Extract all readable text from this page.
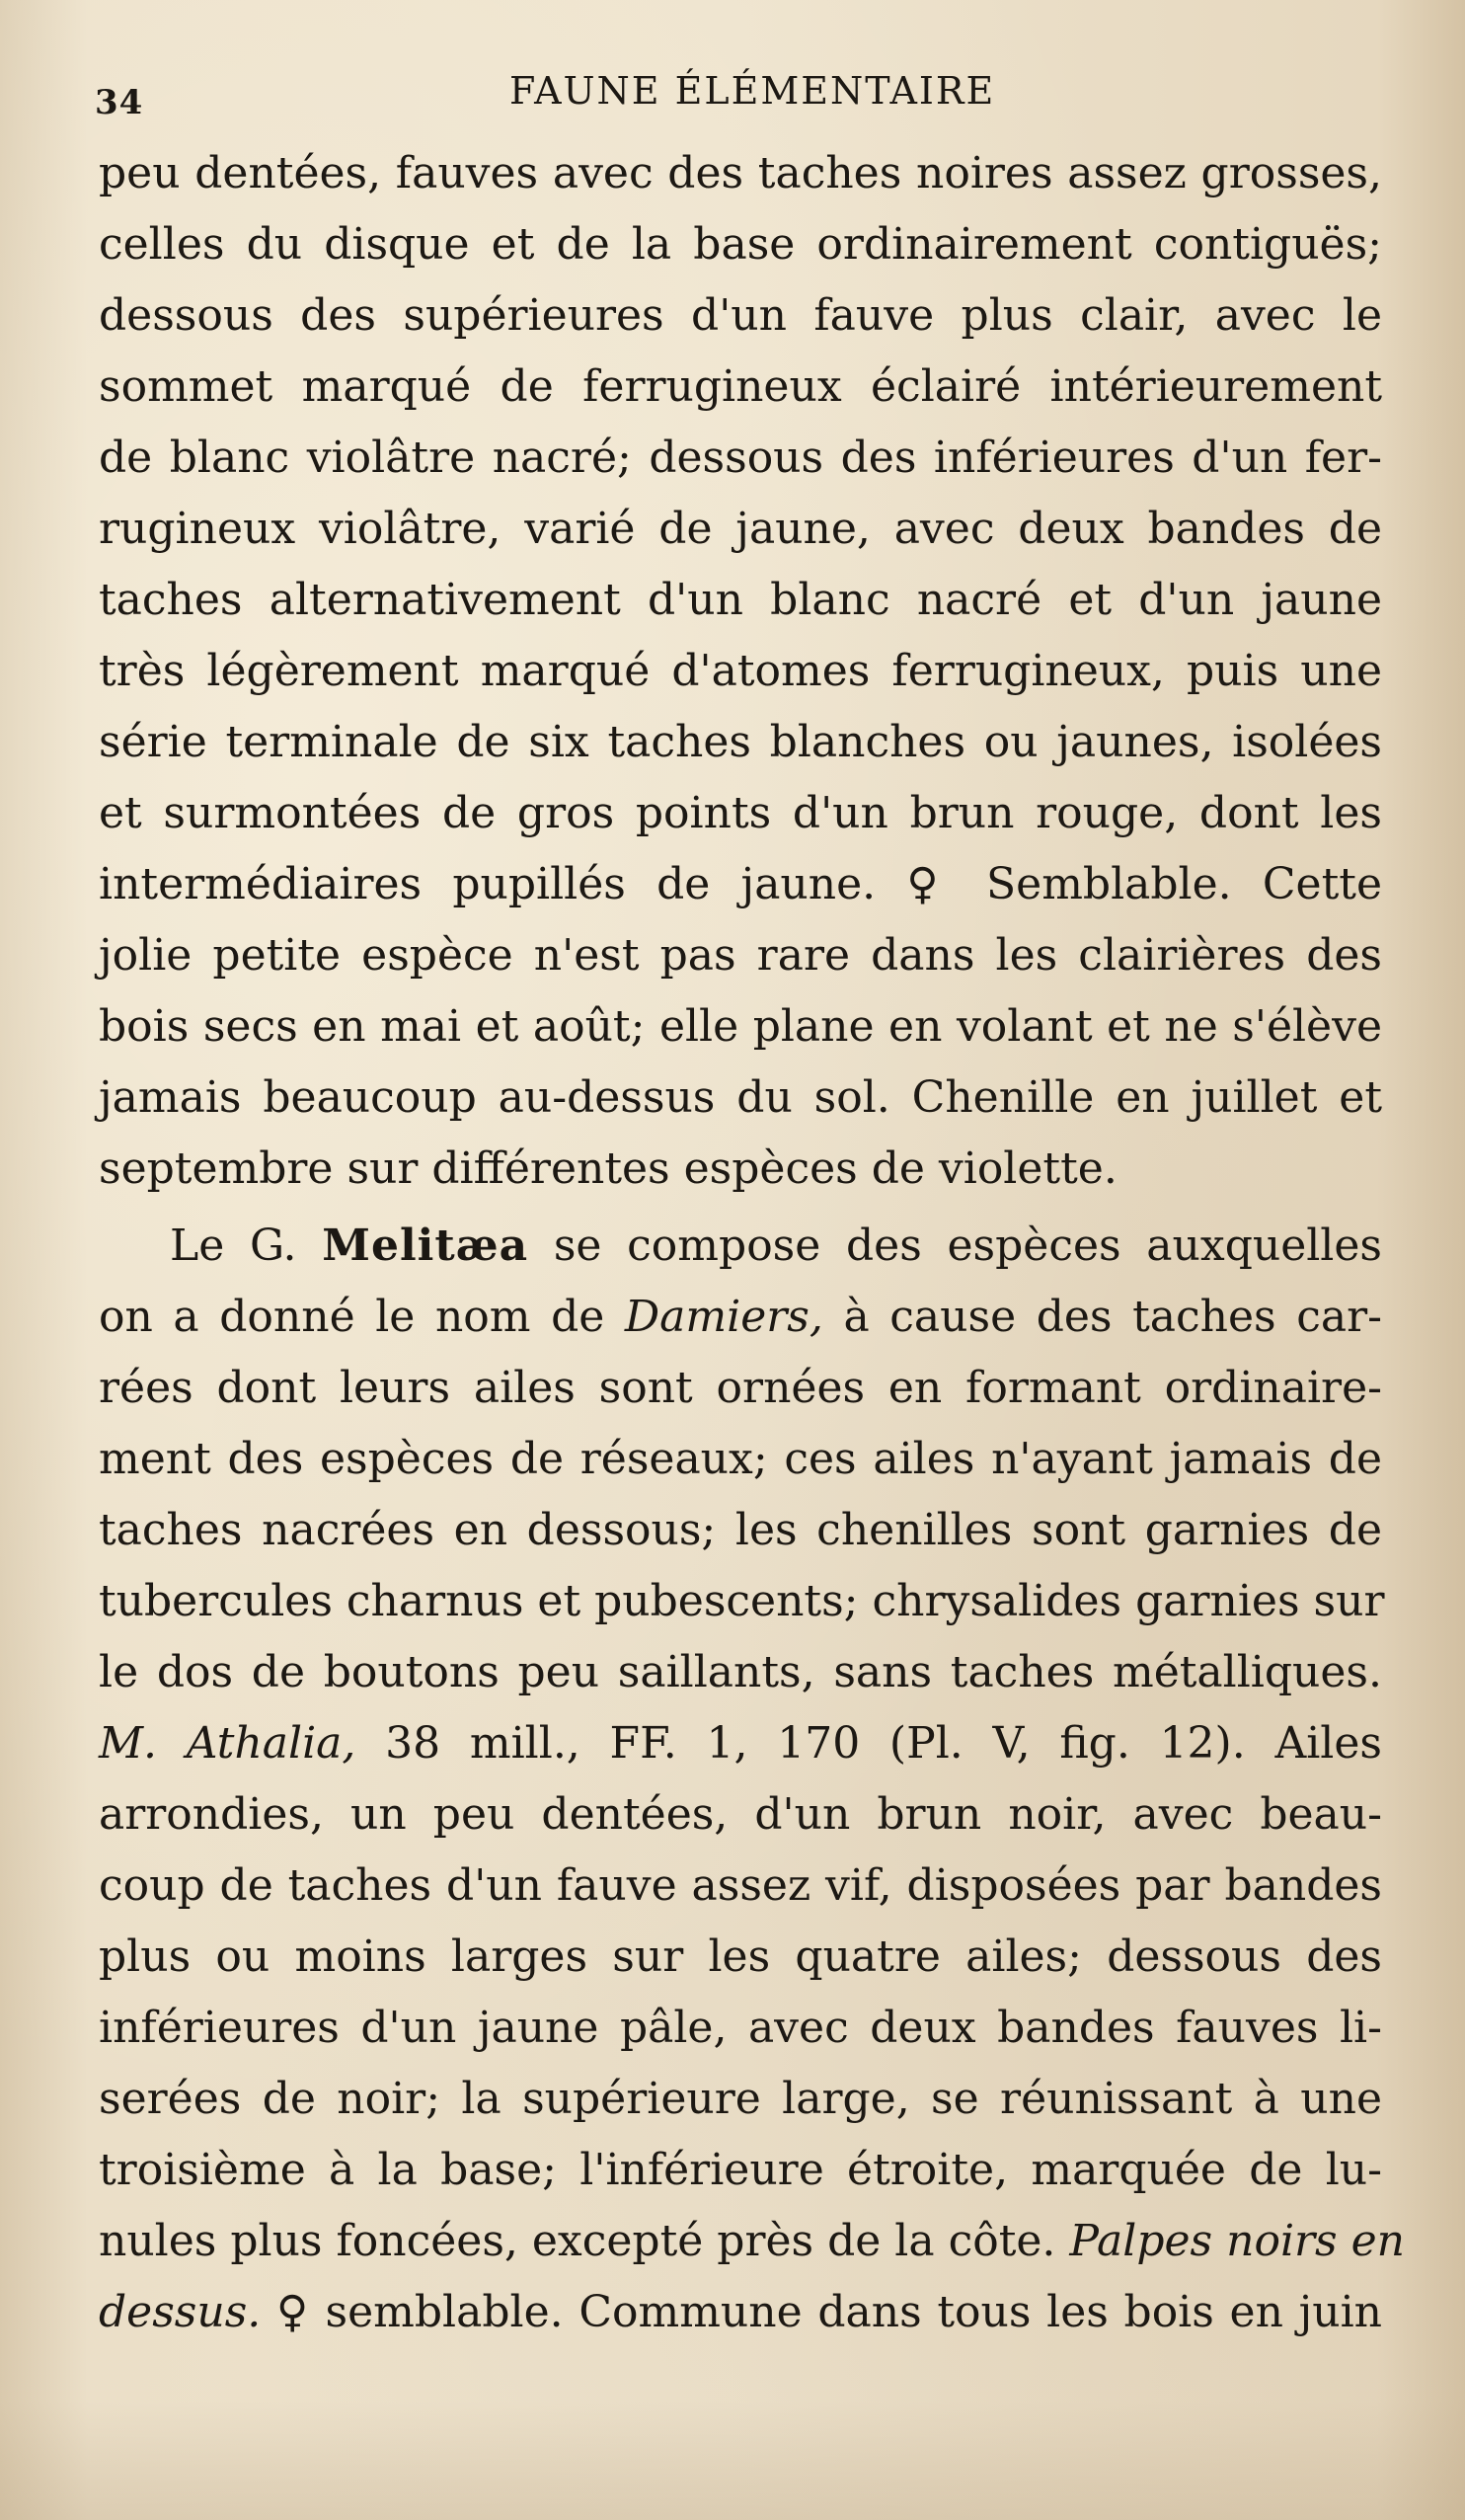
34	FAUNE ÉLÉMENTAIRE
peu dentées, fauves avec des taches noires assez grosses,
celles du disque et de la base ordinairement contiguës;
dessous des supérieures d'un fauve plus clair, avec le
sommet marqué de ferrugineux éclairé intérieurement
de blanc violâtre nacré; dessous des inférieures d'un fer-
rugineux violâtre, varié de jaune, avec deux bandes de
taches alternativement d'un blanc nacré et d'un jaune
très légèrement marqué d'atomes ferrugineux, puis une
série terminale de six taches blanches ou jaunes, isolées
et surmontées de gros points d'un brun rouge, dont les
intermédiaires pupillés de jaune. ♀ Semblable. Cette
jolie petite espèce n'est pas rare dans les clairières des
bois secs en mai et août; elle plane en volant et ne s'élève
jamais beaucoup au-dessus du sol. Chenille en juillet et
septembre sur différentes espèces de violette.
Le G. Melitæa se compose des espèces auxquelles
on a donné le nom de Damiers, à cause des taches car-
rées dont leurs ailes sont ornées en formant ordinaire-
ment des espèces de réseaux; ces ailes n'ayant jamais de
taches nacrées en dessous; les chenilles sont garnies de
tubercules charnus et pubescents; chrysalides garnies sur
le dos de boutons peu saillants, sans taches métalliques.
M. Athalia, 38 mill., FF. 1, 170 (Pl. V, fig. 12). Ailes
arrondies, un peu dentées, d'un brun noir, avec beau-
coup de taches d'un fauve assez vif, disposées par bandes
plus ou moins larges sur les quatre ailes; dessous des
inférieures d'un jaune pâle, avec deux bandes fauves li-
serées de noir; la supérieure large, se réunissant à une
troisième à la base; l'inférieure étroite, marquée de lu-
nules plus foncées, excepté près de la côte. Palpes noirs en
dessus. ♀ semblable. Commune dans tous les bois en juin
